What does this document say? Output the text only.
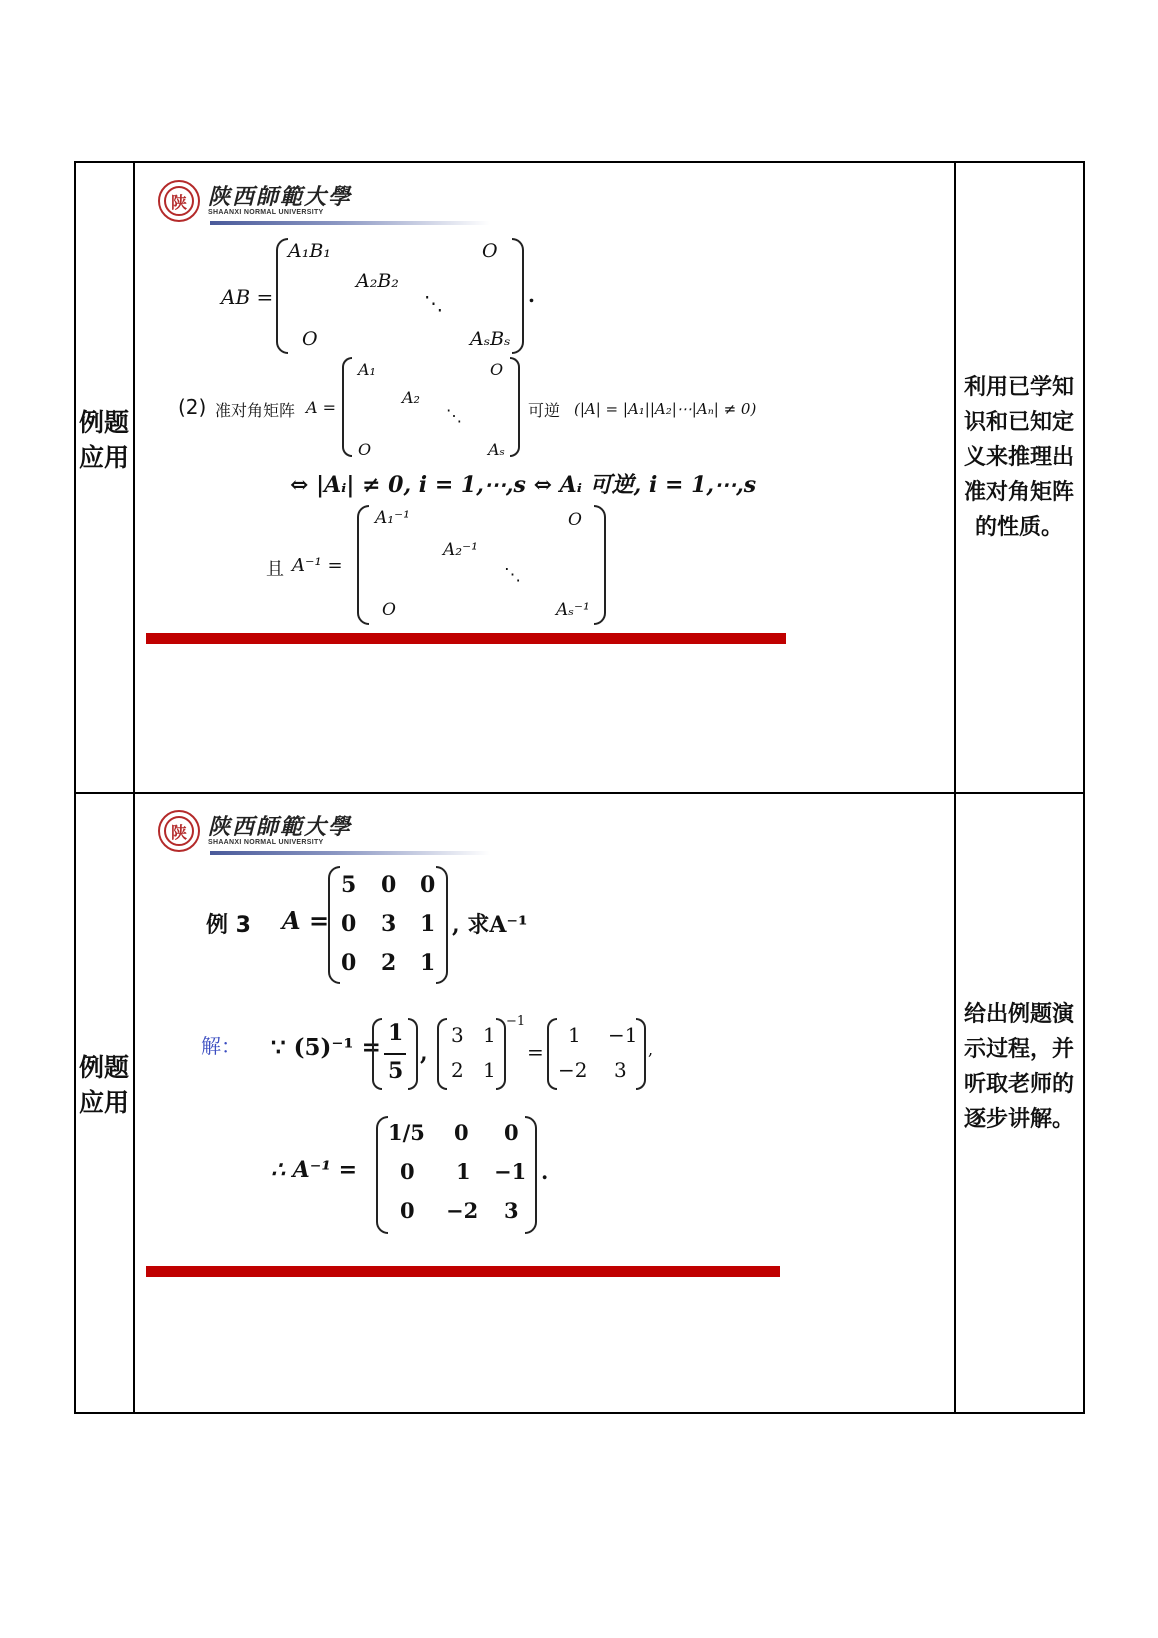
例题应用
利用已学知识和已知定义来推理出准对角矩阵的性质。
陕 陕西師範大學
SHAANXI NORMAL UNIVERSITY
AB =
A₁B₁	O
A₂B₂
⋱
O	AₛBₛ
.
(2) 准对角矩阵 A =
A₁	O
A₂
⋱
O	Aₛ
可逆 (|A| = |A₁||A₂|⋯|Aₙ| ≠ 0)
⇔ |Aᵢ| ≠ 0, i = 1,⋯,s ⇔ Aᵢ 可逆, i = 1,⋯,s
且 A⁻¹ =
A₁⁻¹	O
A₂⁻¹
⋱
O	Aₛ⁻¹
例题应用
给出例题演示过程，并听取老师的逐步讲解。
陕 陕西師範大學
SHAANXI NORMAL UNIVERSITY
例 3 A =
5 0 0
0 3 1
0 2 1
, 求A⁻¹
解： ∵ (5)⁻¹ =
1
5
,
3 1
2 1
−1
=
1 −1
−2 3
,
∴ A⁻¹ =
1/5 0 0
0 1 −1
0 −2 3
.
